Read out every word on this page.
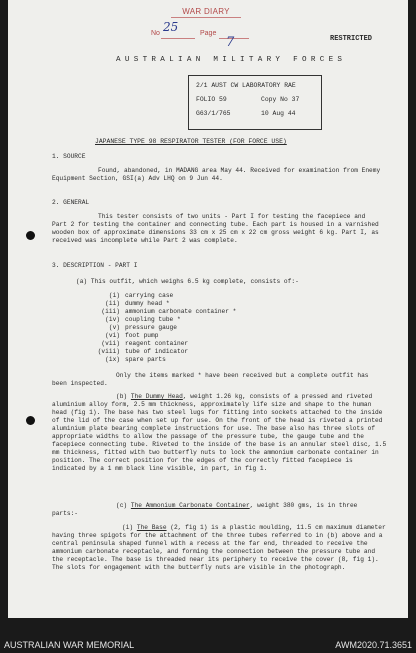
WAR DIARY
No	Page
25
7	RESTRICTED
AUSTRALIAN MILITARY FORCES
2/1 AUST CW LABORATORY RAE
FOLIO 59	Copy No 37
G63/1/765	10 Aug 44
JAPANESE TYPE 98 RESPIRATOR TESTER (FOR FORCE USE)
1. SOURCE
Found, abandoned, in MADANG area May 44. Received for examination from Enemy Equipment Section, GSI(a) Adv LHQ on 9 Jun 44.
2. GENERAL
This tester consists of two units - Part I for testing the facepiece and Part 2 for testing the container and connecting tube. Each part is housed in a varnished wooden box of approximate dimensions 33 cm x 25 cm x 22 cm gross weight 6 kg. Part I, as received was incomplete while Part 2 was complete.
3. DESCRIPTION - PART I
(a) This outfit, which weighs 6.5 kg complete, consists of:-
(i) carrying case
(ii) dummy head *
(iii) ammonium carbonate container *
(iv) coupling tube *
(v) pressure gauge
(vi) foot pump
(vii) reagent container
(viii) tube of indicator
(ix) spare parts
Only the items marked * have been received but a complete outfit has been inspected.
(b) The Dummy Head, weight 1.26 kg, consists of a pressed and riveted aluminium alloy form, 2.5 mm thickness, approximately life size and shape to the human head (fig 1). The base has two steel lugs for fitting into sockets attached to the inside of the lid of the case when set up for use. On the front of the head is riveted a printed aluminium plate bearing complete instructions for use. The base also has three slots of appropriate widths to allow the passage of the pressure tube, the gauge tube and the facepiece connecting tube. Riveted to the inside of the base is an annular steel disc, 1.5 mm thickness, fitted with two butterfly nuts to lock the ammonium carbonate container in position. The correct position for the edges of the correctly fitted facepiece is indicated by a 1 mm black line visible, in part, in fig 1.
(c) The Ammonium Carbonate Container, weight 380 gms, is in three parts:-
(i) The Base (2, fig 1) is a plastic moulding, 11.5 cm maximum diameter having three spigots for the attachment of the three tubes referred to in (b) above and a central peninsula shaped funnel with a recess at the far end, threaded to receive the ammonium carbonate receptacle, and forming the connection between the pressure tube and the receptacle. The base is threaded near its periphery to receive the cover (8, fig 1). The slots for engagement with the butterfly nuts are visible in the photograph.
AUSTRALIAN WAR MEMORIAL	AWM2020.71.3651
